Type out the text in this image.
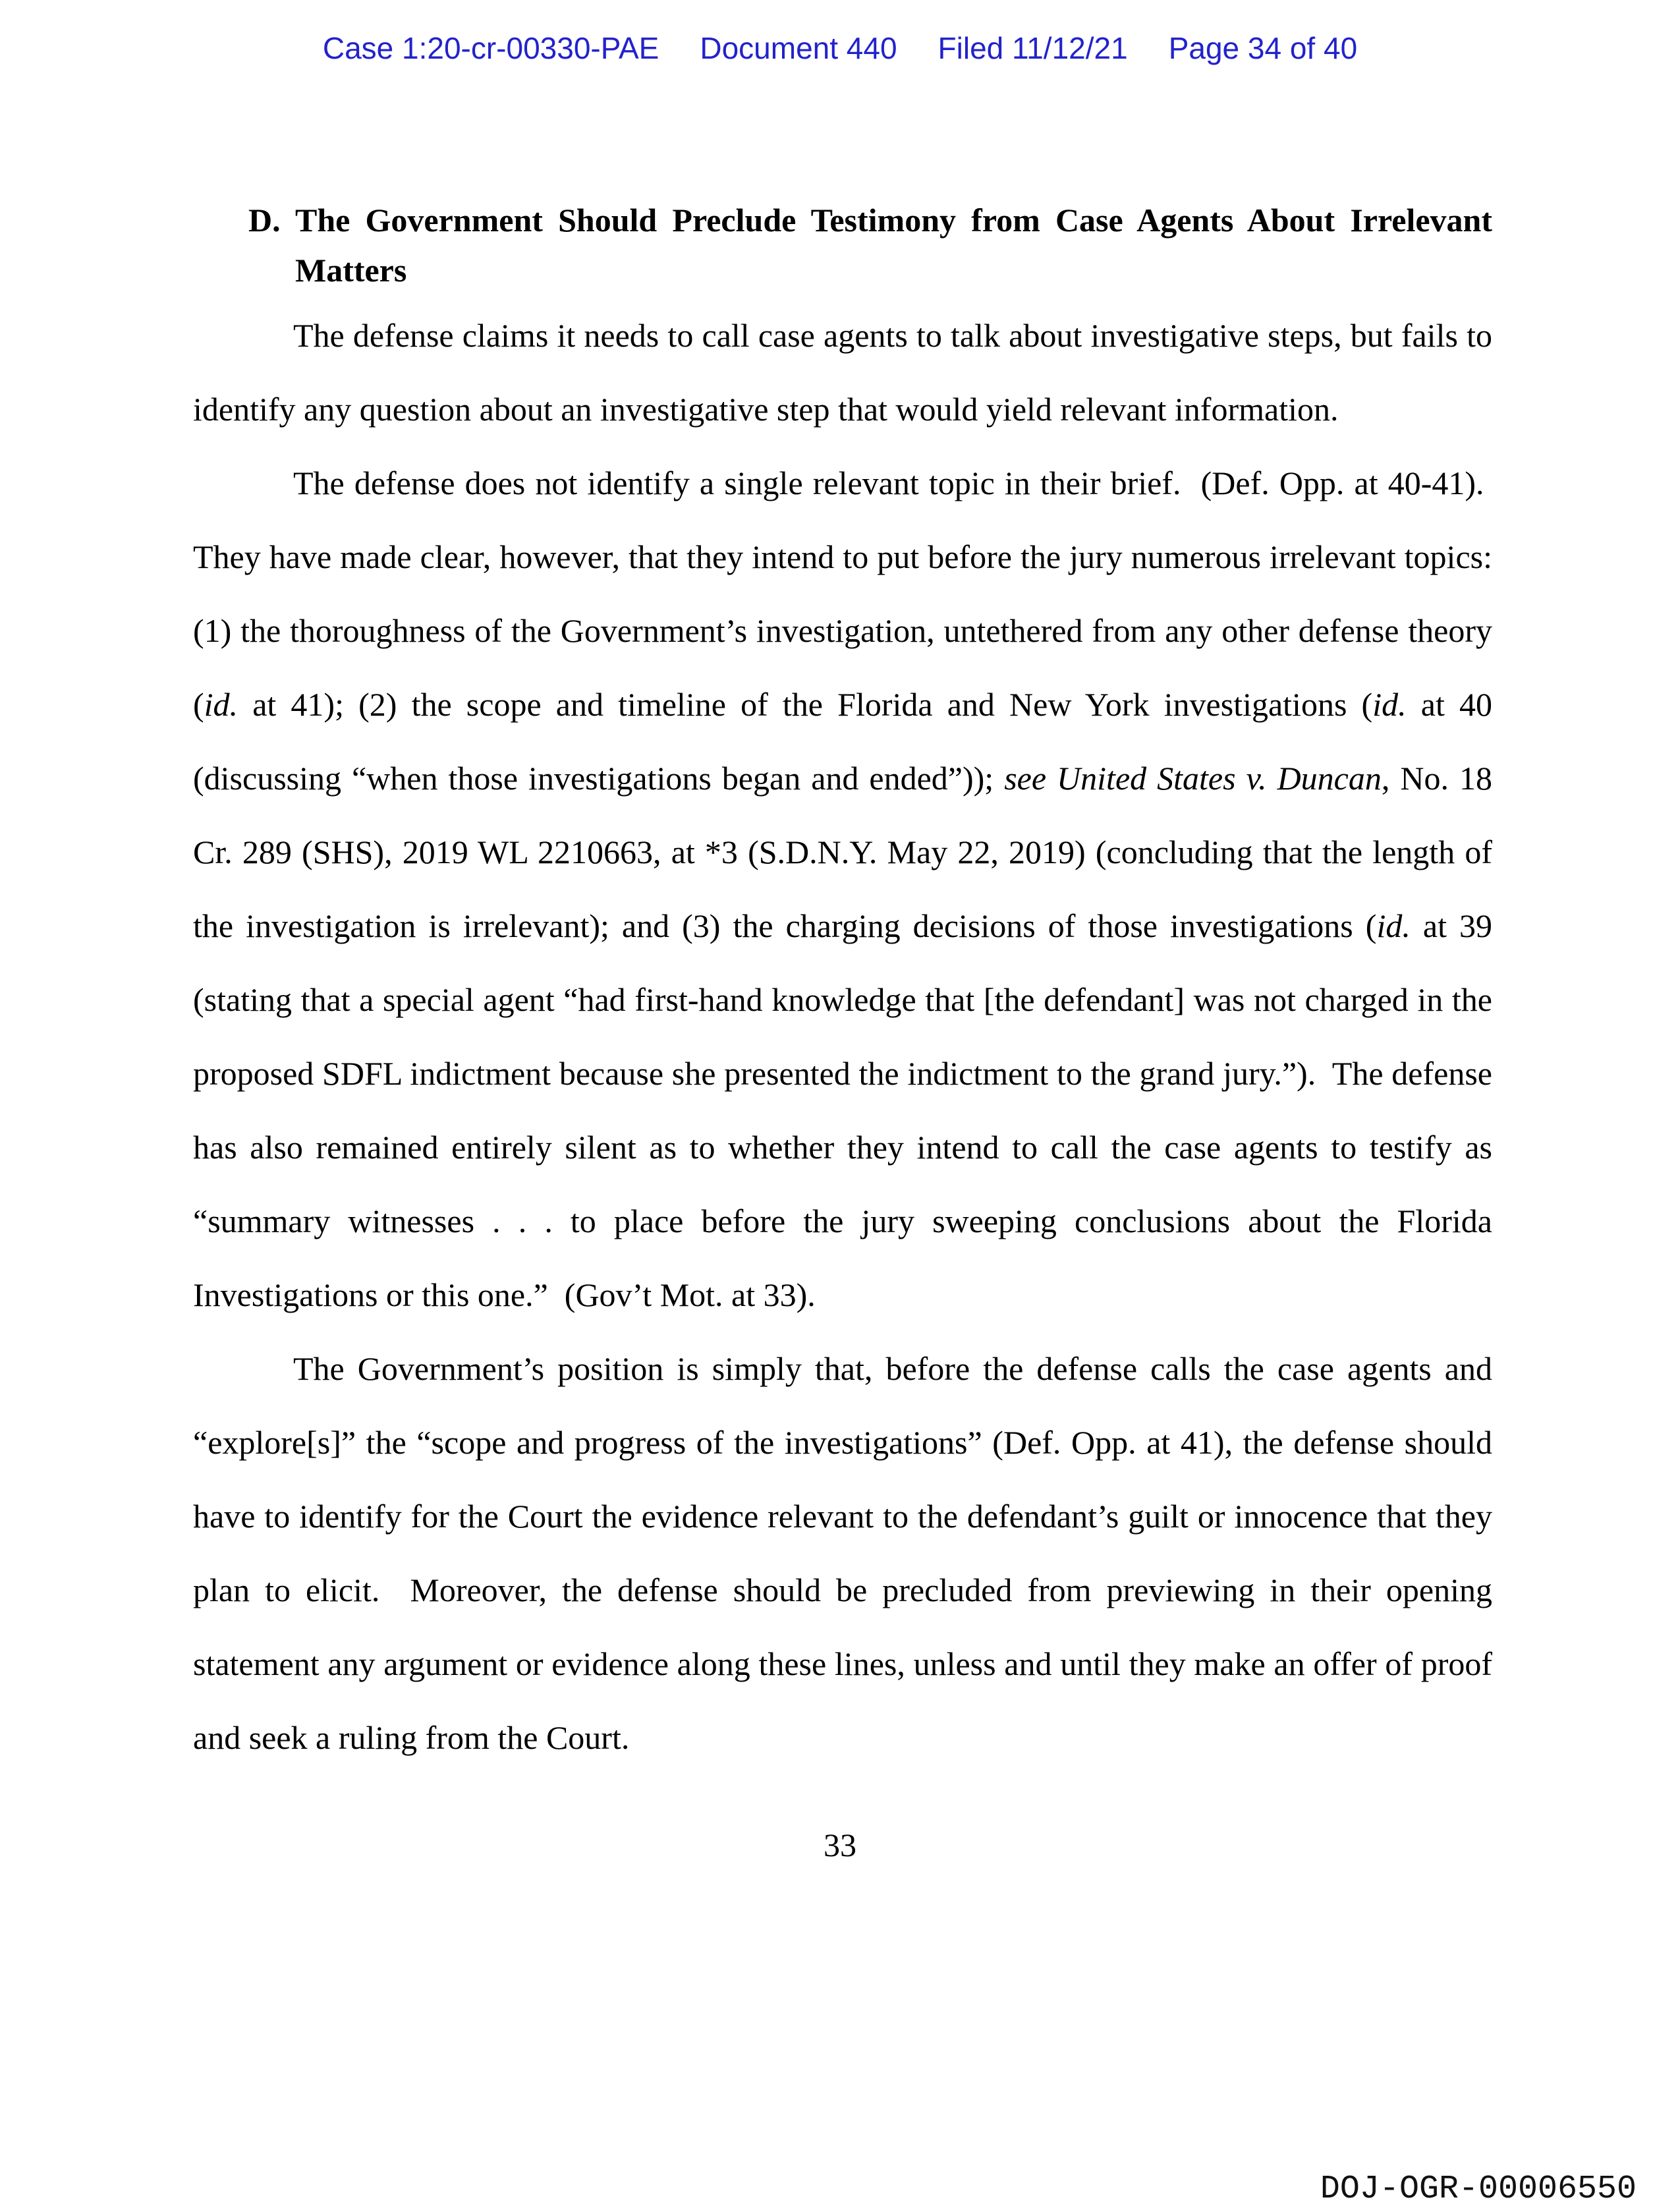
Case 1:20-cr-00330-PAE Document 440 Filed 11/12/21 Page 34 of 40
D. The Government Should Preclude Testimony from Case Agents About Irrelevant Matters

The defense claims it needs to call case agents to talk about investigative steps, but fails to identify any question about an investigative step that would yield relevant information.

The defense does not identify a single relevant topic in their brief.  (Def. Opp. at 40-41).  They have made clear, however, that they intend to put before the jury numerous irrelevant topics: (1) the thoroughness of the Government’s investigation, untethered from any other defense theory (id. at 41); (2) the scope and timeline of the Florida and New York investigations (id. at 40 (discussing “when those investigations began and ended”)); see United States v. Duncan, No. 18 Cr. 289 (SHS), 2019 WL 2210663, at *3 (S.D.N.Y. May 22, 2019) (concluding that the length of the investigation is irrelevant); and (3) the charging decisions of those investigations (id. at 39 (stating that a special agent “had first-hand knowledge that [the defendant] was not charged in the proposed SDFL indictment because she presented the indictment to the grand jury.”).  The defense has also remained entirely silent as to whether they intend to call the case agents to testify as “summary witnesses . . . to place before the jury sweeping conclusions about the Florida Investigations or this one.”  (Gov’t Mot. at 33).

The Government’s position is simply that, before the defense calls the case agents and “explore[s]” the “scope and progress of the investigations” (Def. Opp. at 41), the defense should have to identify for the Court the evidence relevant to the defendant’s guilt or innocence that they plan to elicit.  Moreover, the defense should be precluded from previewing in their opening statement any argument or evidence along these lines, unless and until they make an offer of proof and seek a ruling from the Court.

33
DOJ-OGR-00006550
